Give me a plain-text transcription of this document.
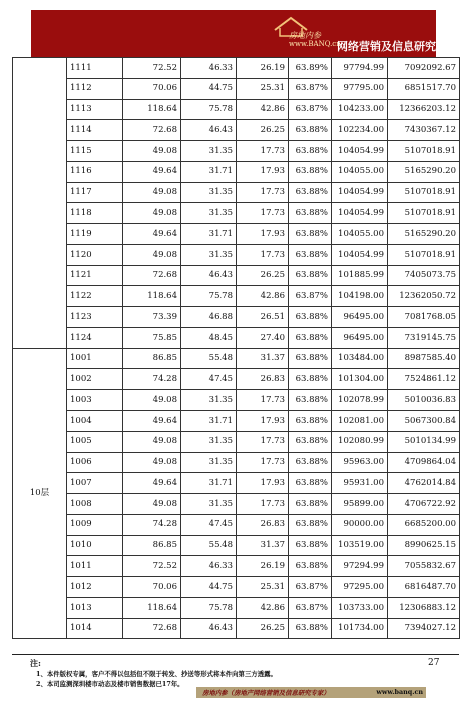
房地内参
www.BANQ.cn
网络营销及信息研究专家
	1111	72.52	46.33	26.19	63.89%	97794.99	7092092.67
	1112	70.06	44.75	25.31	63.87%	97795.00	6851517.70
	1113	118.64	75.78	42.86	63.87%	104233.00	12366203.12
	1114	72.68	46.43	26.25	63.88%	102234.00	7430367.12
	1115	49.08	31.35	17.73	63.88%	104054.99	5107018.91
	1116	49.64	31.71	17.93	63.88%	104055.00	5165290.20
	1117	49.08	31.35	17.73	63.88%	104054.99	5107018.91
	1118	49.08	31.35	17.73	63.88%	104054.99	5107018.91
	1119	49.64	31.71	17.93	63.88%	104055.00	5165290.20
	1120	49.08	31.35	17.73	63.88%	104054.99	5107018.91
	1121	72.68	46.43	26.25	63.88%	101885.99	7405073.75
	1122	118.64	75.78	42.86	63.87%	104198.00	12362050.72
	1123	73.39	46.88	26.51	63.88%	96495.00	7081768.05
	1124	75.85	48.45	27.40	63.88%	96495.00	7319145.75
10层	1001	86.85	55.48	31.37	63.88%	103484.00	8987585.40
	1002	74.28	47.45	26.83	63.88%	101304.00	7524861.12
	1003	49.08	31.35	17.73	63.88%	102078.99	5010036.83
	1004	49.64	31.71	17.93	63.88%	102081.00	5067300.84
	1005	49.08	31.35	17.73	63.88%	102080.99	5010134.99
	1006	49.08	31.35	17.73	63.88%	95963.00	4709864.04
	1007	49.64	31.71	17.93	63.88%	95931.00	4762014.84
	1008	49.08	31.35	17.73	63.88%	95899.00	4706722.92
	1009	74.28	47.45	26.83	63.88%	90000.00	6685200.00
	1010	86.85	55.48	31.37	63.88%	103519.00	8990625.15
	1011	72.52	46.33	26.19	63.88%	97294.99	7055832.67
	1012	70.06	44.75	25.31	63.87%	97295.00	6816487.70
	1013	118.64	75.78	42.86	63.87%	103733.00	12306883.12
	1014	72.68	46.43	26.25	63.88%	101734.00	7394027.12
注:	27
1、本件版权专属，客户不得以包括但不限于转发、抄送等形式将本件向第三方透露。
2、本司监测深圳楼市动态及楼市销售数据已17年。
房地内参（房地产网络营销及信息研究专家）	www.banq.cn
